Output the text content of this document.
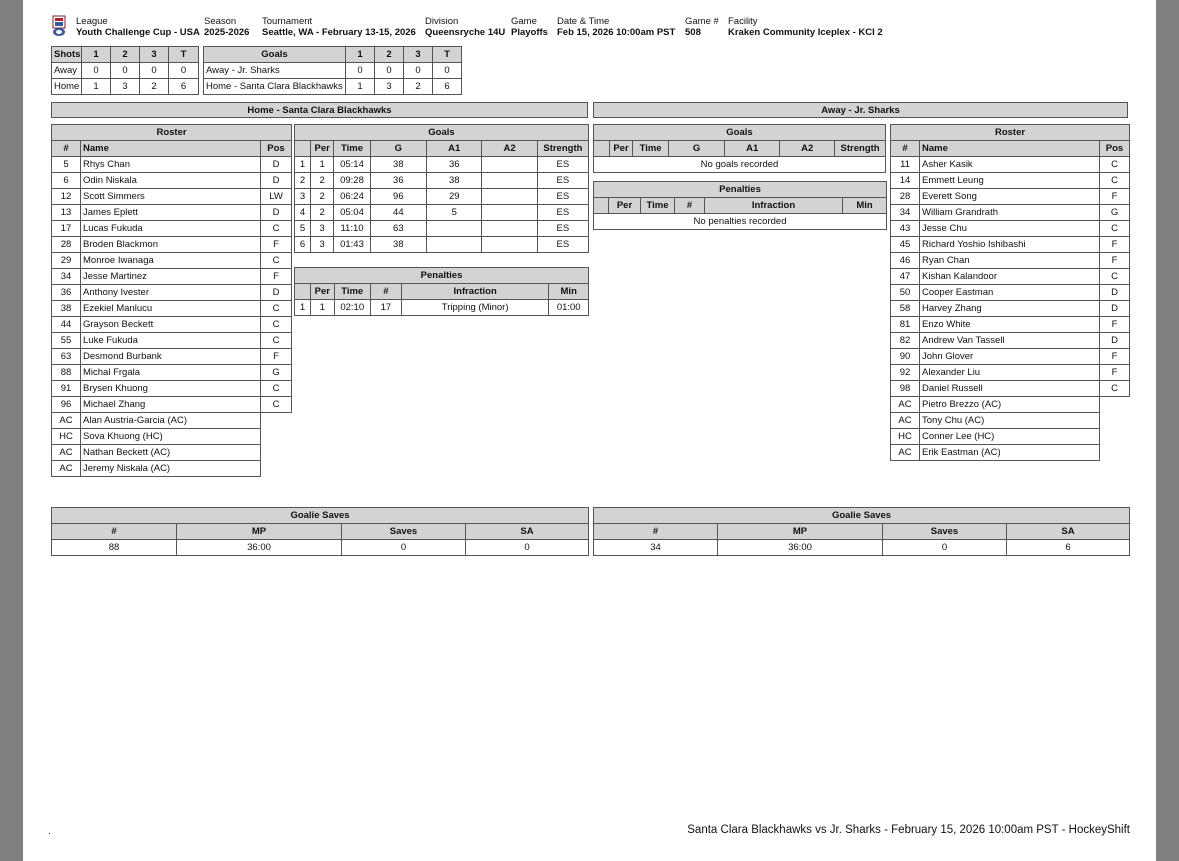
League
Youth Challenge Cup - USA
Season
2025-2026
Tournament
Seattle, WA - February 13-15, 2026
Division
Queensryche 14U
Game
Playoffs
Date & Time
Feb 15, 2026 10:00am PST
Game #
508
Facility
Kraken Community Iceplex - KCI 2
Shots	1	2	3	T
Away	0	0	0	0
Home	1	3	2	6
Goals	1	2	3	T
Away - Jr. Sharks	0	0	0	0
Home - Santa Clara Blackhawks	1	3	2	6
Home - Santa Clara Blackhawks	Away - Jr. Sharks
Roster		
#	Name	Pos
5	Rhys Chan	D
6	Odin Niskala	D
12	Scott Simmers	LW
13	James Eplett	D
17	Lucas Fukuda	C
28	Broden Blackmon	F
29	Monroe Iwanaga	C
34	Jesse Martinez	F
36	Anthony Ivester	D
38	Ezekiel Manlucu	C
44	Grayson Beckett	C
55	Luke Fukuda	C
63	Desmond Burbank	F
88	Michal Frgala	G
91	Brysen Khuong	C
96	Michael Zhang	C
AC	Alan Austria-Garcia (AC)	
HC	Sova Khuong (HC)	
AC	Nathan Beckett (AC)	
AC	Jeremy Niskala (AC)	
Goals						
	Per	Time	G	A1	A2	Strength
1	1	05:14	38	36		ES
2	2	09:28	36	38		ES
3	2	06:24	96	29		ES
4	2	05:04	44	5		ES
5	3	11:10	63			ES
6	3	01:43	38			ES
Penalties					
	Per	Time	#	Infraction	Min
1	1	02:10	17	Tripping (Minor)	01:00
Goals
	Per	Time	G	A1	A2	Strength
No goals recorded
Penalties
	Per	Time	#	Infraction	Min
No penalties recorded
Roster		
#	Name	Pos
11	Asher Kasik	C
14	Emmett Leung	C
28	Everett Song	F
34	William Grandrath	G
43	Jesse Chu	C
45	Richard Yoshio Ishibashi	F
46	Ryan Chan	F
47	Kishan Kalandoor	C
50	Cooper Eastman	D
58	Harvey Zhang	D
81	Enzo White	F
82	Andrew Van Tassell	D
90	John Glover	F
92	Alexander Liu	F
98	Daniel Russell	C
AC	Pietro Brezzo (AC)	
AC	Tony Chu (AC)	
HC	Conner Lee (HC)	
AC	Erik Eastman (AC)	
Goalie Saves			
#	MP	Saves	SA
88	36:00	0	0
Goalie Saves			
#	MP	Saves	SA
34	36:00	0	6
.	Santa Clara Blackhawks vs Jr. Sharks - February 15, 2026 10:00am PST - HockeyShift
